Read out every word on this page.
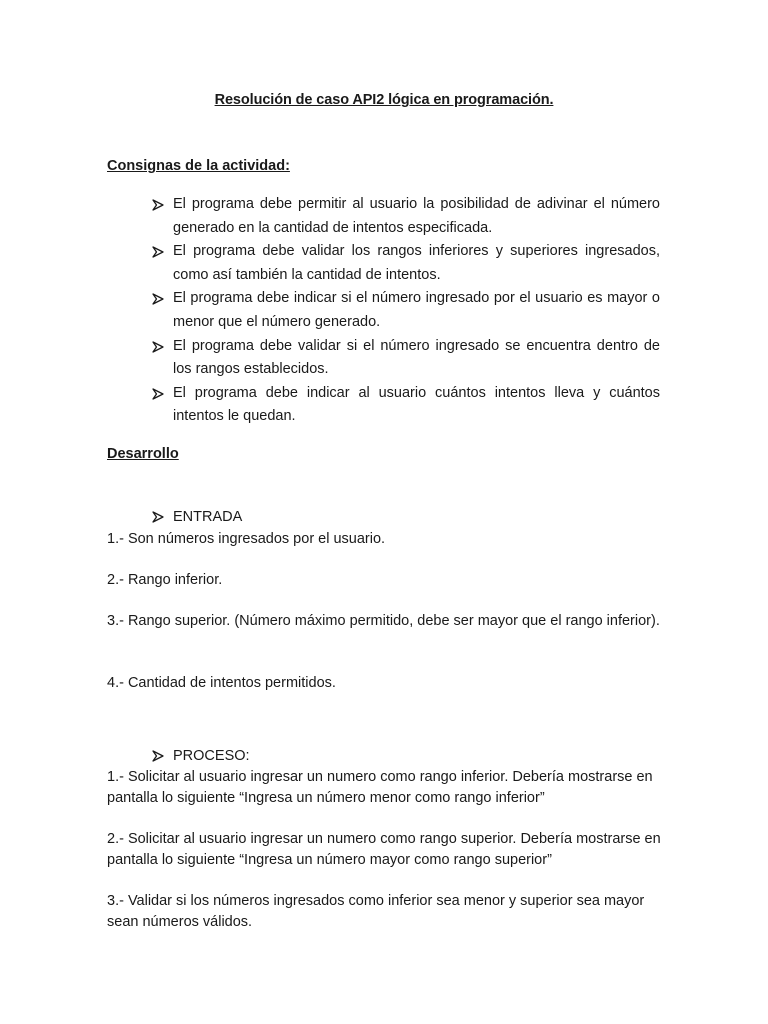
Resolución de caso API2 lógica en programación.
Consignas de la actividad:
El programa debe permitir al usuario la posibilidad de adivinar el número generado en la cantidad de intentos especificada.
El programa debe validar los rangos inferiores y superiores ingresados, como así también la cantidad de intentos.
El programa debe indicar si el número ingresado por el usuario es mayor o menor que el número generado.
El programa debe validar si el número ingresado se encuentra dentro de los rangos establecidos.
El programa debe indicar al usuario cuántos intentos lleva y cuántos intentos le quedan.
Desarrollo
ENTRADA
1.- Son números ingresados por el usuario.
2.- Rango inferior.
3.- Rango superior. (Número máximo permitido, debe ser mayor que el rango inferior).
4.- Cantidad de intentos permitidos.
PROCESO:
1.- Solicitar al usuario ingresar un numero como rango inferior. Debería mostrarse en pantalla lo siguiente “Ingresa un número menor como rango inferior”
2.- Solicitar al usuario ingresar un numero como rango superior. Debería mostrarse en pantalla lo siguiente “Ingresa un número mayor como rango superior”
3.- Validar si los números ingresados como inferior sea menor y superior sea mayor sean números válidos.
